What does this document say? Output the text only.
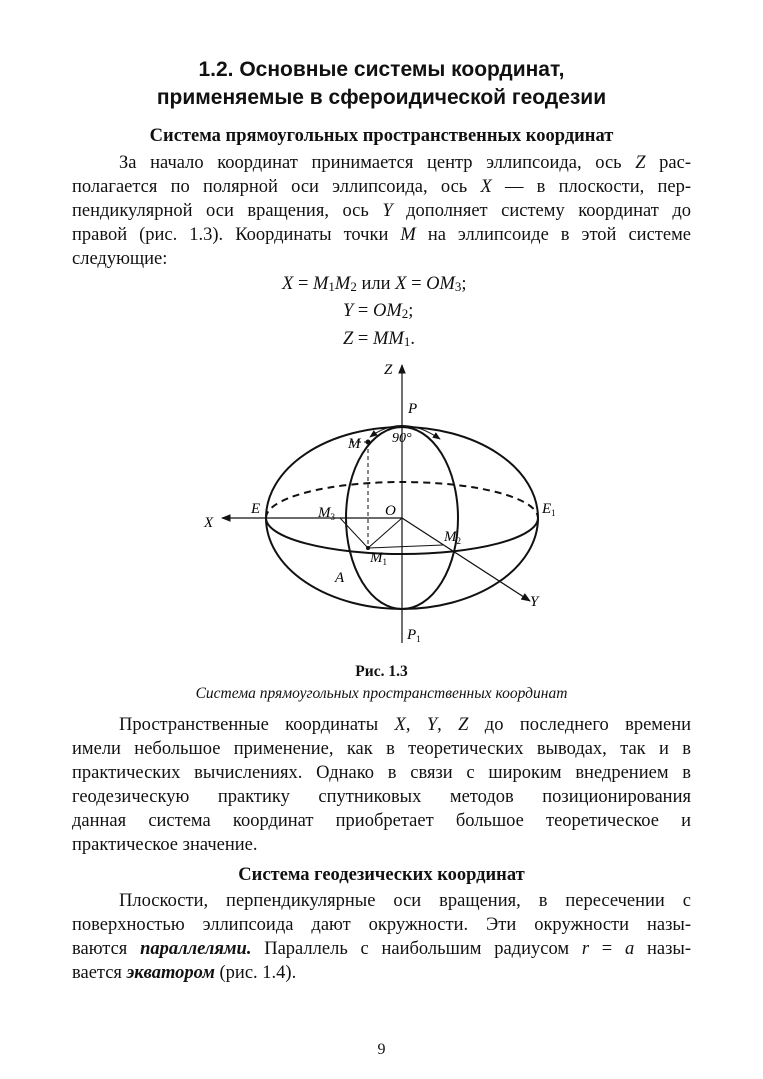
1.2. Основные системы координат,
применяемые в сфероидической геодезии
Система прямоугольных пространственных координат
За начало координат принимается центр эллипсоида, ось Z рас-
полагается по полярной оси эллипсоида, ось X — в плоскости, пер-
пендикулярной оси вращения, ось Y дополняет систему координат до
правой (рис. 1.3). Координаты точки M на эллипсоиде в этой системе
следующие:
X = M1M2 или X = OM3;
Y = OM2;
Z = MM1.
Z
P
90°
M
E	$E_1$
$M_3$	O
X
$M_2$
$M_1$
A
Y
$P_1$
Рис. 1.3
Система прямоугольных пространственных координат
Пространственные координаты X, Y, Z до последнего времени
имели небольшое применение, как в теоретических выводах, так и в
практических вычислениях. Однако в связи с широким внедрением в
геодезическую практику спутниковых методов позиционирования
данная система координат приобретает большое теоретическое и
практическое значение.
Система геодезических координат
Плоскости, перпендикулярные оси вращения, в пересечении с
поверхностью эллипсоида дают окружности. Эти окружности назы-
ваются параллелями. Параллель с наибольшим радиусом r = a назы-
вается экватором (рис. 1.4).
9
